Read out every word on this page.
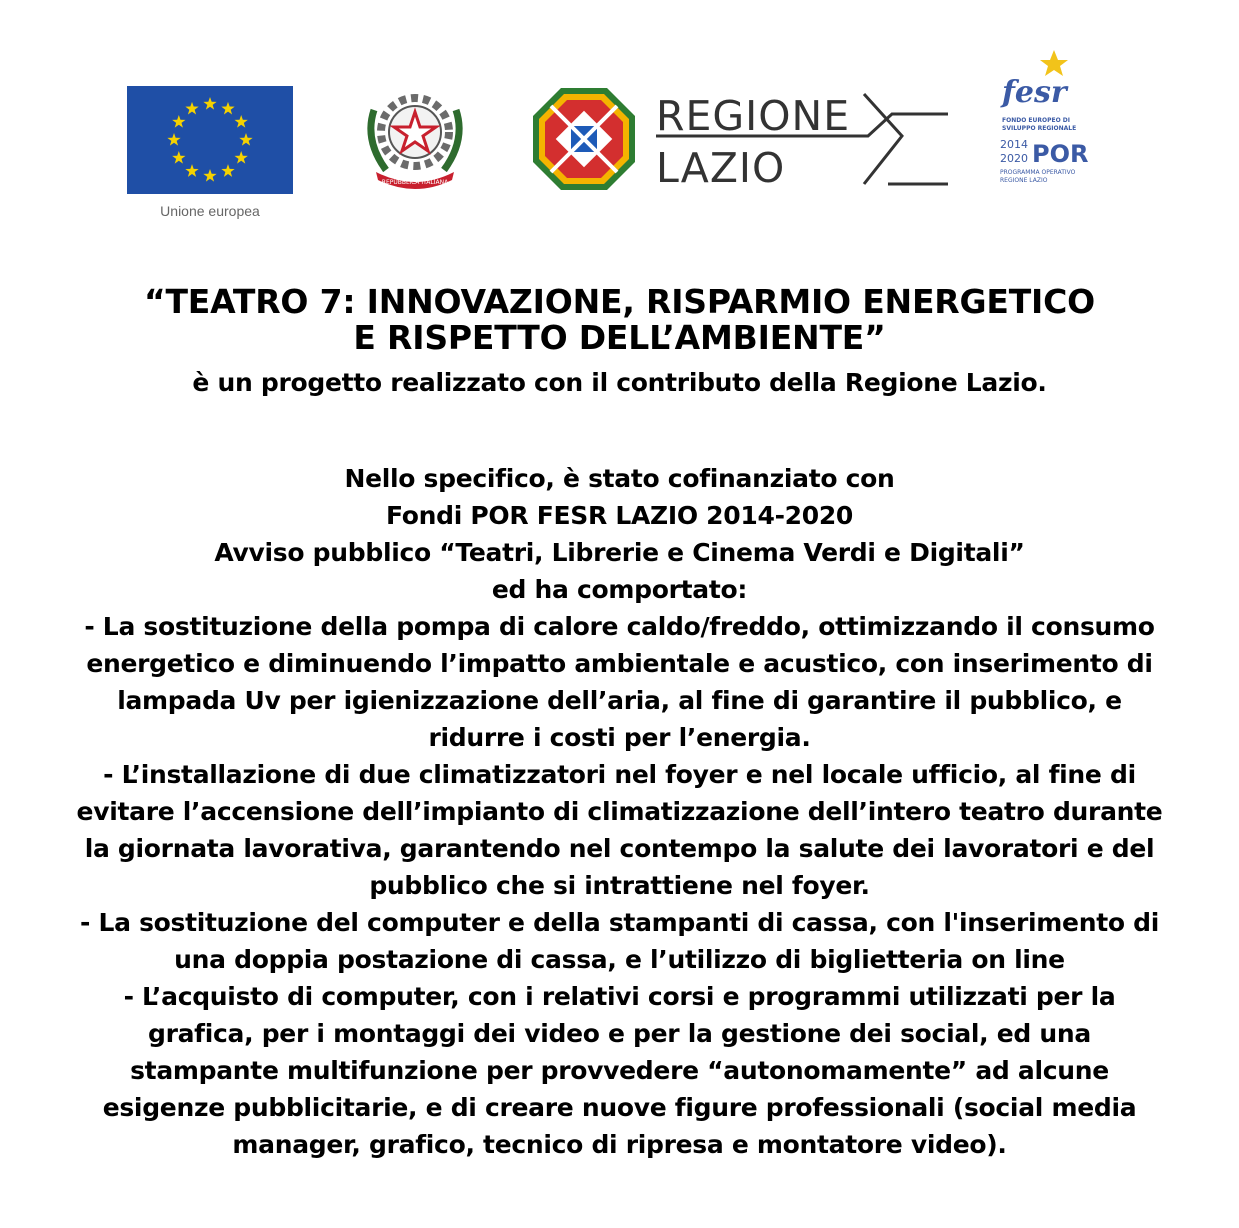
Unione europea
REPUBBLICA ITALIANA
REGIONE
LAZIO
fesr
FONDO EUROPEO DI
SVILUPPO REGIONALE
2014
2020 POR
PROGRAMMA OPERATIVO
REGIONE LAZIO
“TEATRO 7: INNOVAZIONE, RISPARMIO ENERGETICO
E RISPETTO DELL’AMBIENTE”
è un progetto realizzato con il contributo della Regione Lazio.
Nello specifico, è stato cofinanziato con
Fondi POR FESR LAZIO 2014-2020
Avviso pubblico “Teatri, Librerie e Cinema Verdi e Digitali”
ed ha comportato:
- La sostituzione della pompa di calore caldo/freddo, ottimizzando il consumo
energetico e diminuendo l’impatto ambientale e acustico, con inserimento di
lampada Uv per igienizzazione dell’aria, al fine di garantire il pubblico, e
ridurre i costi per l’energia.
- L’installazione di due climatizzatori nel foyer e nel locale ufficio, al fine di
evitare l’accensione dell’impianto di climatizzazione dell’intero teatro durante
la giornata lavorativa, garantendo nel contempo la salute dei lavoratori e del
pubblico che si intrattiene nel foyer.
- La sostituzione del computer e della stampanti di cassa, con l'inserimento di
una doppia postazione di cassa, e l’utilizzo di biglietteria on line
- L’acquisto di computer, con i relativi corsi e programmi utilizzati per la
grafica, per i montaggi dei video e per la gestione dei social, ed una
stampante multifunzione per provvedere “autonomamente” ad alcune
esigenze pubblicitarie, e di creare nuove figure professionali (social media
manager, grafico, tecnico di ripresa e montatore video).
